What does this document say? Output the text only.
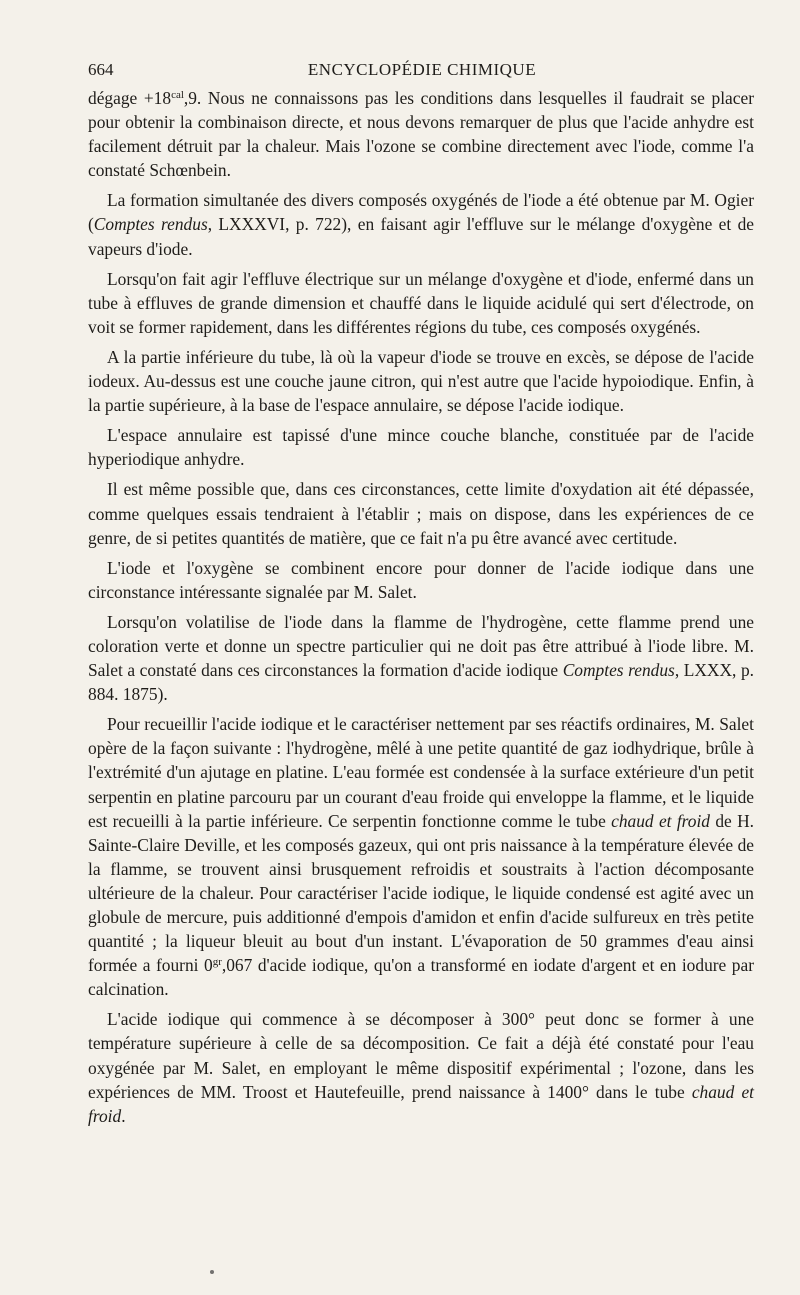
664	ENCYCLOPÉDIE CHIMIQUE

dégage $+18^{cal},9$. Nous ne connaissons pas les conditions dans lesquelles il faudrait se placer pour obtenir la combinaison directe, et nous devons remarquer de plus que l'acide anhydre est facilement détruit par la chaleur. Mais l'ozone se combine directement avec l'iode, comme l'a constaté Schœnbein.

La formation simultanée des divers composés oxygénés de l'iode a été obtenue par M. Ogier (Comptes rendus, LXXXVI, p. 722), en faisant agir l'effluve sur le mélange d'oxygène et de vapeurs d'iode.

Lorsqu'on fait agir l'effluve électrique sur un mélange d'oxygène et d'iode, enfermé dans un tube à effluves de grande dimension et chauffé dans le liquide acidulé qui sert d'électrode, on voit se former rapidement, dans les différentes régions du tube, ces composés oxygénés.

A la partie inférieure du tube, là où la vapeur d'iode se trouve en excès, se dépose de l'acide iodeux. Au-dessus est une couche jaune citron, qui n'est autre que l'acide hypoiodique. Enfin, à la partie supérieure, à la base de l'espace annulaire, se dépose l'acide iodique.

L'espace annulaire est tapissé d'une mince couche blanche, constituée par de l'acide hyperiodique anhydre.

Il est même possible que, dans ces circonstances, cette limite d'oxydation ait été dépassée, comme quelques essais tendraient à l'établir ; mais on dispose, dans les expériences de ce genre, de si petites quantités de matière, que ce fait n'a pu être avancé avec certitude.

L'iode et l'oxygène se combinent encore pour donner de l'acide iodique dans une circonstance intéressante signalée par M. Salet.

Lorsqu'on volatilise de l'iode dans la flamme de l'hydrogène, cette flamme prend une coloration verte et donne un spectre particulier qui ne doit pas être attribué à l'iode libre. M. Salet a constaté dans ces circonstances la formation d'acide iodique Comptes rendus, LXXX, p. 884. 1875).

Pour recueillir l'acide iodique et le caractériser nettement par ses réactifs ordinaires, M. Salet opère de la façon suivante : l'hydrogène, mêlé à une petite quantité de gaz iodhydrique, brûle à l'extrémité d'un ajutage en platine. L'eau formée est condensée à la surface extérieure d'un petit serpentin en platine parcouru par un courant d'eau froide qui enveloppe la flamme, et le liquide est recueilli à la partie inférieure. Ce serpentin fonctionne comme le tube chaud et froid de H. Sainte-Claire Deville, et les composés gazeux, qui ont pris naissance à la température élevée de la flamme, se trouvent ainsi brusquement refroidis et soustraits à l'action décomposante ultérieure de la chaleur. Pour caractériser l'acide iodique, le liquide condensé est agité avec un globule de mercure, puis additionné d'empois d'amidon et enfin d'acide sulfureux en très petite quantité ; la liqueur bleuit au bout d'un instant. L'évaporation de 50 grammes d'eau ainsi formée a fourni $0^{gr},067$ d'acide iodique, qu'on a transformé en iodate d'argent et en iodure par calcination.

L'acide iodique qui commence à se décomposer à 300° peut donc se former à une température supérieure à celle de sa décomposition. Ce fait a déjà été constaté pour l'eau oxygénée par M. Salet, en employant le même dispositif expérimental ; l'ozone, dans les expériences de MM. Troost et Hautefeuille, prend naissance à 1400° dans le tube chaud et froid.
